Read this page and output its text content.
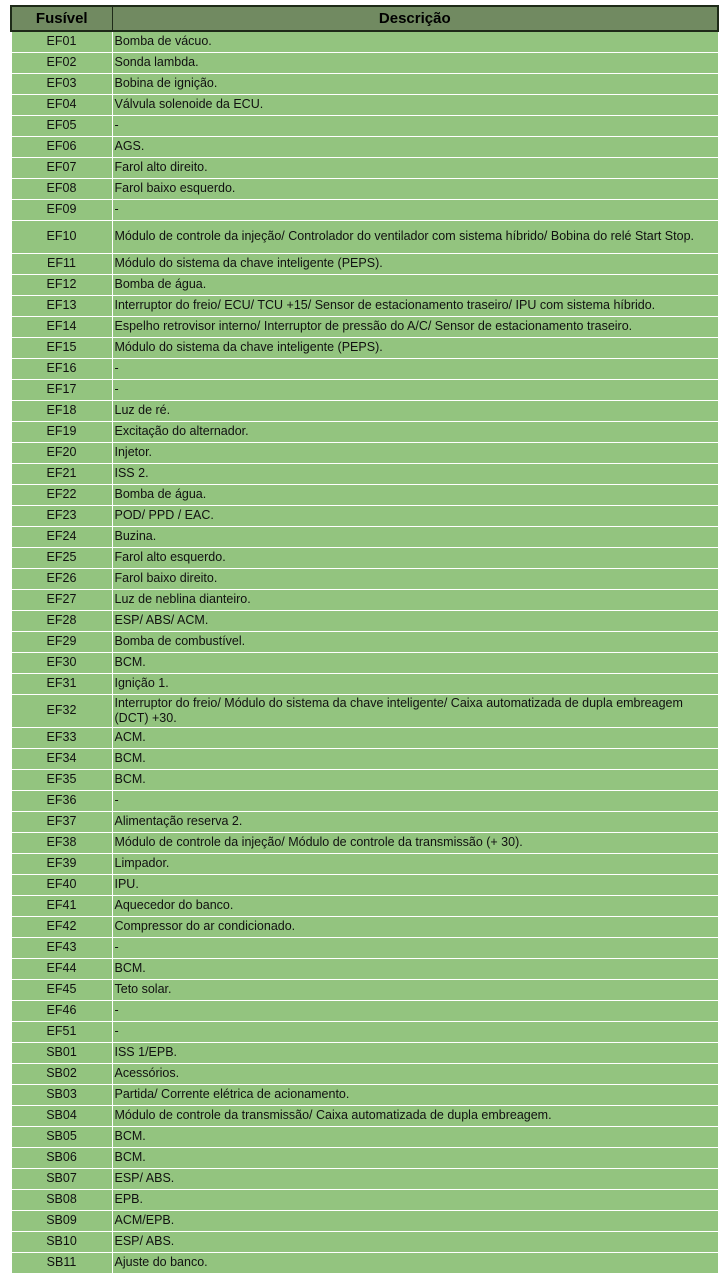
Fusível	Descrição
EF01	Bomba de vácuo.
EF02	Sonda lambda.
EF03	Bobina de ignição.
EF04	Válvula solenoide da ECU.
EF05	-
EF06	AGS.
EF07	Farol alto direito.
EF08	Farol baixo esquerdo.
EF09	-
EF10	Módulo de controle da injeção/ Controlador do ventilador com sistema híbrido/ Bobina do relé Start Stop.
EF11	Módulo do sistema da chave inteligente (PEPS).
EF12	Bomba de água.
EF13	Interruptor do freio/ ECU/ TCU +15/ Sensor de estacionamento traseiro/ IPU com sistema híbrido.
EF14	Espelho retrovisor interno/ Interruptor de pressão do A/C/ Sensor de estacionamento traseiro.
EF15	Módulo do sistema da chave inteligente (PEPS).
EF16	-
EF17	-
EF18	Luz de ré.
EF19	Excitação do alternador.
EF20	Injetor.
EF21	ISS 2.
EF22	Bomba de água.
EF23	POD/ PPD / EAC.
EF24	Buzina.
EF25	Farol alto esquerdo.
EF26	Farol baixo direito.
EF27	Luz de neblina dianteiro.
EF28	ESP/ ABS/ ACM.
EF29	Bomba de combustível.
EF30	BCM.
EF31	Ignição 1.
EF32	Interruptor do freio/ Módulo do sistema da chave inteligente/ Caixa automatizada de dupla embreagem (DCT) +30.
EF33	ACM.
EF34	BCM.
EF35	BCM.
EF36	-
EF37	Alimentação reserva 2.
EF38	Módulo de controle da injeção/ Módulo de controle da transmissão (+ 30).
EF39	Limpador.
EF40	IPU.
EF41	Aquecedor do banco.
EF42	Compressor do ar condicionado.
EF43	-
EF44	BCM.
EF45	Teto solar.
EF46	-
EF51	-
SB01	ISS 1/EPB.
SB02	Acessórios.
SB03	Partida/ Corrente elétrica de acionamento.
SB04	Módulo de controle da transmissão/ Caixa automatizada de dupla embreagem.
SB05	BCM.
SB06	BCM.
SB07	ESP/ ABS.
SB08	EPB.
SB09	ACM/EPB.
SB10	ESP/ ABS.
SB11	Ajuste do banco.
